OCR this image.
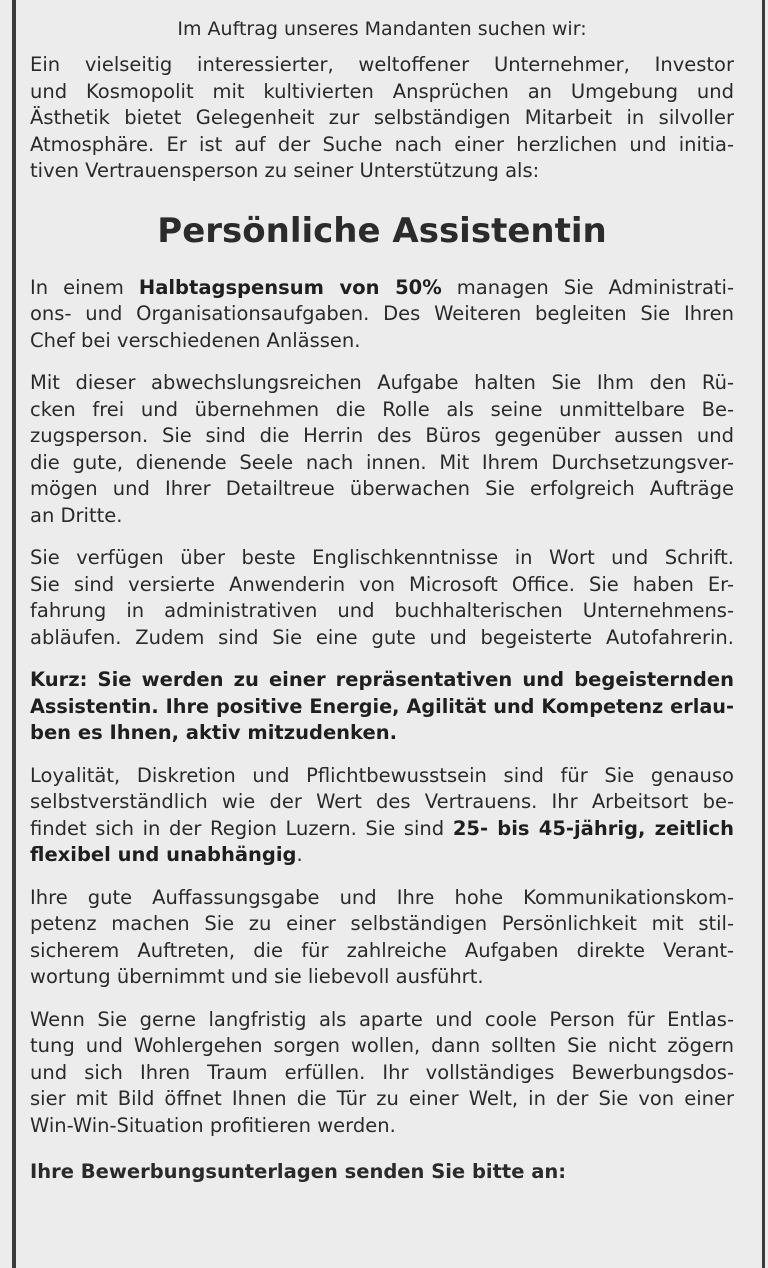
Im Auftrag unseres Mandanten suchen wir:
Ein vielseitig interessierter, weltoffener Unternehmer, Investor
und Kosmopolit mit kultivierten Ansprüchen an Umgebung und
Ästhetik bietet Gelegenheit zur selbständigen Mitarbeit in silvoller
Atmosphäre. Er ist auf der Suche nach einer herzlichen und initia-
tiven Vertrauensperson zu seiner Unterstützung als:
Persönliche Assistentin
In einem Halbtagspensum von 50% managen Sie Administrati-
ons- und Organisationsaufgaben. Des Weiteren begleiten Sie Ihren
Chef bei verschiedenen Anlässen.
Mit dieser abwechslungsreichen Aufgabe halten Sie Ihm den Rü-
cken frei und übernehmen die Rolle als seine unmittelbare Be-
zugsperson. Sie sind die Herrin des Büros gegenüber aussen und
die gute, dienende Seele nach innen. Mit Ihrem Durchsetzungsver-
mögen und Ihrer Detailtreue überwachen Sie erfolgreich Aufträge
an Dritte.
Sie verfügen über beste Englischkenntnisse in Wort und Schrift.
Sie sind versierte Anwenderin von Microsoft Office. Sie haben Er-
fahrung in administrativen und buchhalterischen Unternehmens-
abläufen. Zudem sind Sie eine gute und begeisterte Autofahrerin.
Kurz: Sie werden zu einer repräsentativen und begeisternden
Assistentin. Ihre positive Energie, Agilität und Kompetenz erlau-
ben es Ihnen, aktiv mitzudenken.
Loyalität, Diskretion und Pflichtbewusstsein sind für Sie genauso
selbstverständlich wie der Wert des Vertrauens. Ihr Arbeitsort be-
findet sich in der Region Luzern. Sie sind 25- bis 45-jährig, zeitlich
flexibel und unabhängig.
Ihre gute Auffassungsgabe und Ihre hohe Kommunikationskom-
petenz machen Sie zu einer selbständigen Persönlichkeit mit stil-
sicherem Auftreten, die für zahlreiche Aufgaben direkte Verant-
wortung übernimmt und sie liebevoll ausführt.
Wenn Sie gerne langfristig als aparte und coole Person für Entlas-
tung und Wohlergehen sorgen wollen, dann sollten Sie nicht zögern
und sich Ihren Traum erfüllen. Ihr vollständiges Bewerbungsdos-
sier mit Bild öffnet Ihnen die Tür zu einer Welt, in der Sie von einer
Win-Win-Situation profitieren werden.
Ihre Bewerbungsunterlagen senden Sie bitte an:
